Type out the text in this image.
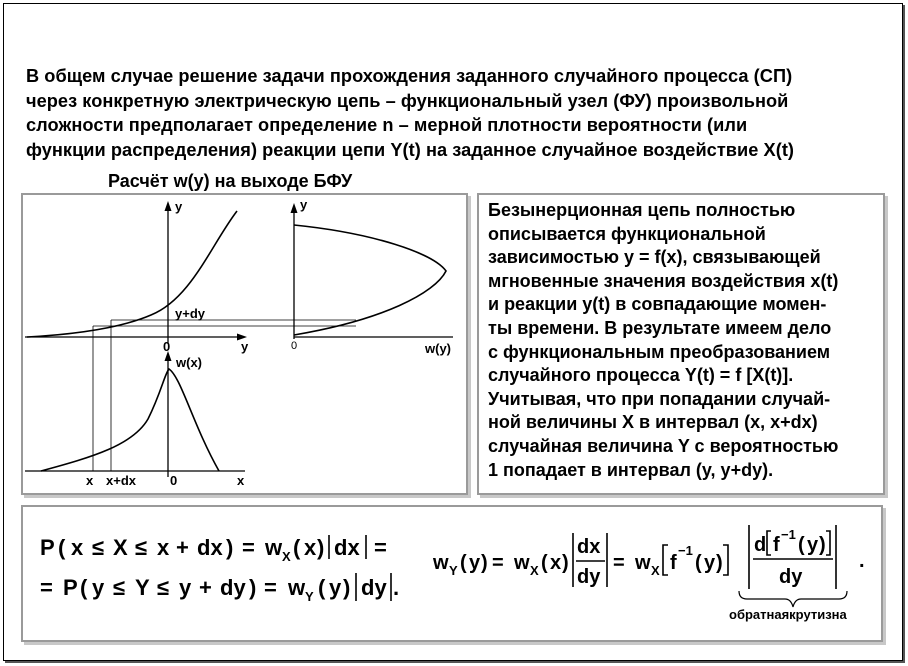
В общем случае решение задачи прохождения заданного случайного процесса (СП)
через конкретную электрическую цепь – функциональный узел (ФУ) произвольной
сложности предполагает определение n – мерной плотности вероятности (или
функции распределения) реакции цепи Y(t) на заданное случайное воздействие X(t)
Расчёт w(y) на выходе БФУ
y
0	y
y+dy
y
0	w(y)
w(x)
x x+dx	0	x
Безынерционная цепь полностью
описывается функциональной
зависимостью y = f(x), связывающей
мгновенные значения воздействия x(t)
и реакции y(t) в совпадающие момен-
ты времени. В результате имеем дело
с функциональным преобразованием
случайного процесса Y(t) = f [X(t)].
Учитывая, что при попадании случай-
ной величины X в интервал (x, x+dx)
случайная величина Y с вероятностью
1 попадает в интервал (y, y+dy).
P ( x ≤ X ≤ x + dx ) = w X ( x ) dx =
= P ( y ≤ Y ≤ y + dy ) = w Y ( y ) dy .
w Y ( y ) = w X ( x )
dx
dy
= w X f
−1
( y )
d f −1 ( y )
dy
обратнаякрутизна
.
